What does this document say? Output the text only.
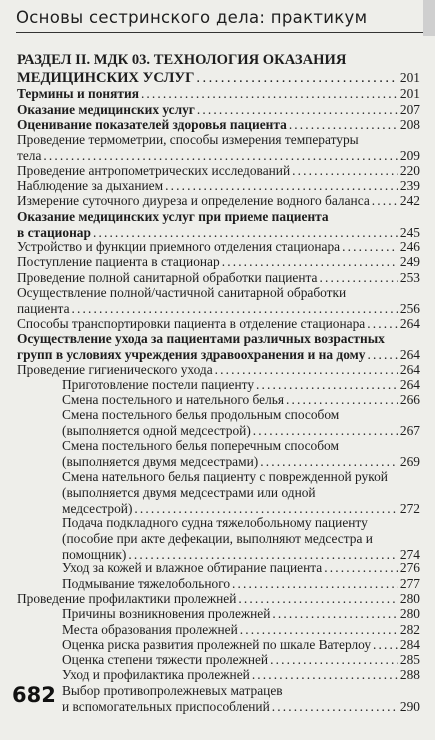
Основы сестринского дела: практикум
РАЗДЕЛ II. МДК 03. ТЕХНОЛОГИЯ ОКАЗАНИЯ
МЕДИЦИНСКИХ УСЛУГ . . .	201
Термины и понятия . . .	201
Оказание медицинских услуг . . .	207
Оценивание показателей здоровья пациента . . .	208
Проведение термометрии, способы измерения температуры
тела . . .	209
Проведение антропометрических исследований . . .	220
Наблюдение за дыханием . . .	239
Измерение суточного диуреза и определение водного баланса . . . 242
Оказание медицинских услуг при приеме пациента
в стационар . . .	245
Устройство и функции приемного отделения стационара . . .	246
Поступление пациента в стационар . . .	249
Проведение полной санитарной обработки пациента . . .	253
Осуществление полной/частичной санитарной обработки
пациента . . .	256
Способы транспортировки пациента в отделение стационара . . .	264
Осуществление ухода за пациентами различных возрастных
групп в условиях учреждения здравоохранения и на дому . . .	264
Проведение гигиенического ухода . . .	264
Приготовление постели пациенту . . .	264
Смена постельного и нательного белья . . .	266
Смена постельного белья продольным способом
(выполняется одной медсестрой) . . .	267
Смена постельного белья поперечным способом
(выполняется двумя медсестрами) . . .	269
Смена нательного белья пациенту с поврежденной рукой
(выполняется двумя медсестрами или одной
медсестрой) . . .	272
Подача подкладного судна тяжелобольному пациенту
(пособие при акте дефекации, выполняют медсестра и
помощник) . . .	274
Уход за кожей и влажное обтирание пациента . . .	276
Подмывание тяжелобольного . . .	277
Проведение профилактики пролежней . . .	280
Причины возникновения пролежней . . .	280
Места образования пролежней . . .	282
Оценка риска развития пролежней по шкале Ватерлоу . . . 284
Оценка степени тяжести пролежней . . .	285
Уход и профилактика пролежней . . .	288
Выбор противопролежневых матрацев
и вспомогательных приспособлений . . .	290
682
